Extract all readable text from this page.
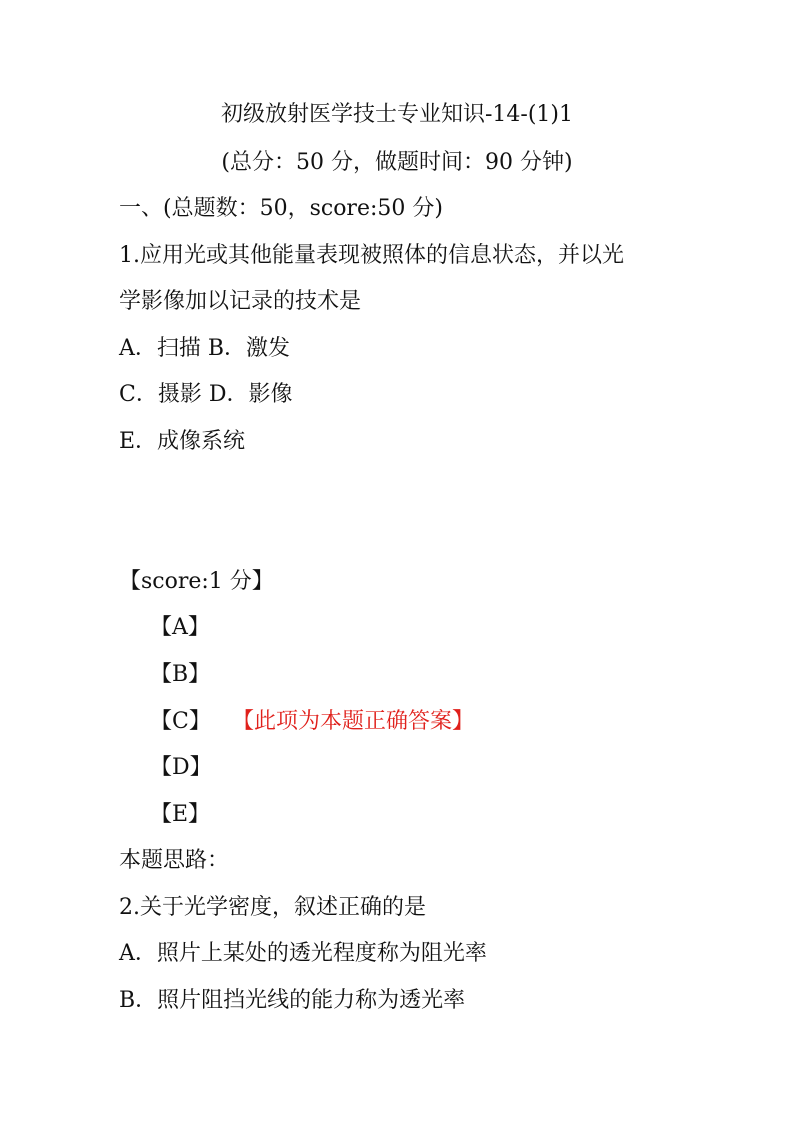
初级放射医学技士专业知识-14-(1)1
(总分：50 分，做题时间：90 分钟)
一、(总题数：50，score:50 分)
1.应用光或其他能量表现被照体的信息状态，并以光
学影像加以记录的技术是
A．扫描 B．激发
C．摄影 D．影像
E．成像系统
【score:1 分】
【A】
【B】
【C】 【此项为本题正确答案】
【D】
【E】
本题思路：
2.关于光学密度，叙述正确的是
A．照片上某处的透光程度称为阻光率
B．照片阻挡光线的能力称为透光率
